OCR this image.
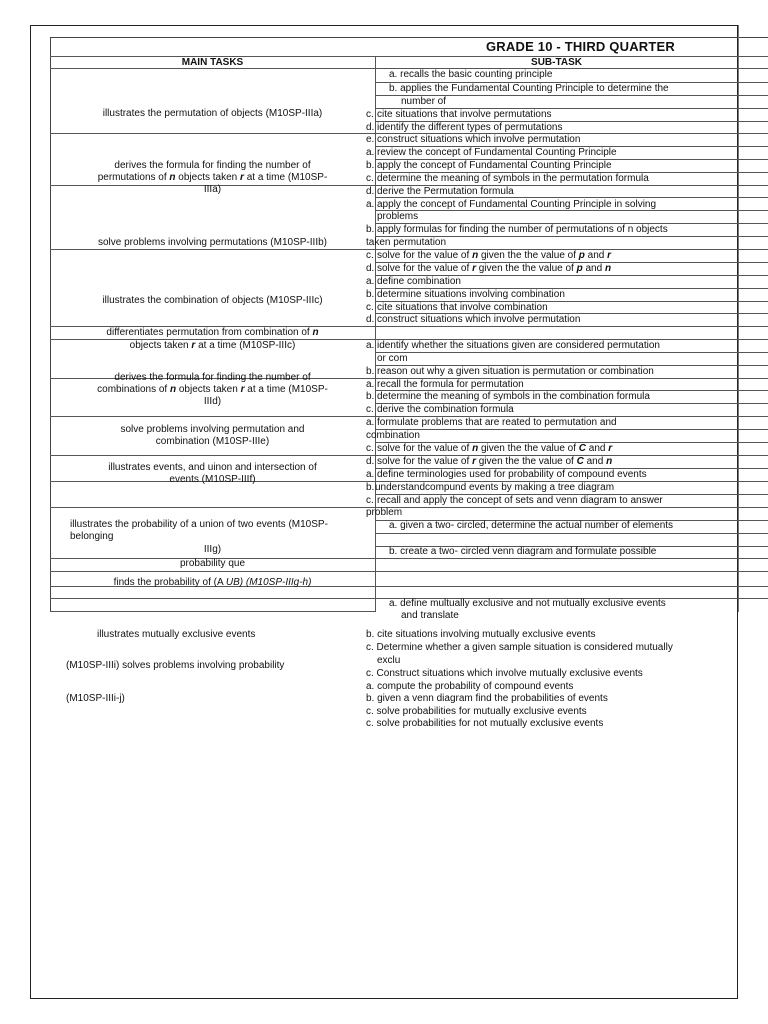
GRADE 10 - THIRD QUARTER
MAIN TASKS	SUB-TASK
illustrates the permutation of objects (M10SP-IIIa)
derives the formula for finding the number of
permutations of n objects taken r at a time (M10SP-
IIIa)
solve problems involving permutations (M10SP-IIIb)
illustrates the combination of objects (M10SP-IIIc)
differentiates permutation from combination of n
objects taken r at a time (M10SP-IIIc)
derives the formula for finding the number of
combinations of n objects taken r at a time (M10SP-
IIId)
solve problems involving permutation and
combination (M10SP-IIIe)
illustrates events, and uinon and intersection of
events (M10SP-IIIf)
illustrates the probability of a union of two events (M10SP-
belonging
IIIg)
probability que
finds the probability of (A UB) (M10SP-IIIg-h)
a. recalls the basic counting principle
b. applies the Fundamental Counting Principle to determine the
number of
c. cite situations that involve permutations
d. identify the different types of permutations
e. construct situations which involve permutation
a. review the concept of Fundamental Counting Principle
b. apply the concept of Fundamental Counting Principle
c. determine the meaning of symbols in the permutation formula
d. derive the Permutation formula
a. apply the concept of Fundamental Counting Principle in solving
problems
b. apply formulas for finding the number of permutations of n objects
taken permutation
c. solve for the value of n given the the value of p and r
d. solve for the value of r given the the value of p and n
a. define combination
b. determine situations involving combination
c. cite situations that involve combination
d. construct situations which involve permutation
a. identify whether the situations given are considered permutation
or com
b. reason out why a given situation is permutation or combination
a. recall the formula for permutation
b. determine the meaning of symbols in the combination formula
c. derive the combination formula
a. formulate problems that are reated to permutation and
combination
c. solve for the value of n given the the value of C and r
d. solve for the value of r given the the value of C and n
a. define terminologies used for probability of compound events
b. understandcompund events by making a tree diagram
c. recall and apply the concept of sets and venn diagram to answer
problem
a. given a two- circled, determine the actual number of elements
b. create a two- circled venn diagram and formulate possible
a. define multually exclusive and not mutually exclusive events
and translate
illustrates mutually exclusive events
(M10SP-IIIi) solves problems involving probability
(M10SP-IIIi-j)
b. cite situations involving mutually exclusive events
c. Determine whether a given sample situation is considered mutually
exclu
c. Construct situations which involve mutually exclusive events
a. compute the probability of compound events
b. given a venn diagram find the probabilities of events
c. solve probabilities for mutually exclusive events
c. solve probabilities for not mutually exclusive events
